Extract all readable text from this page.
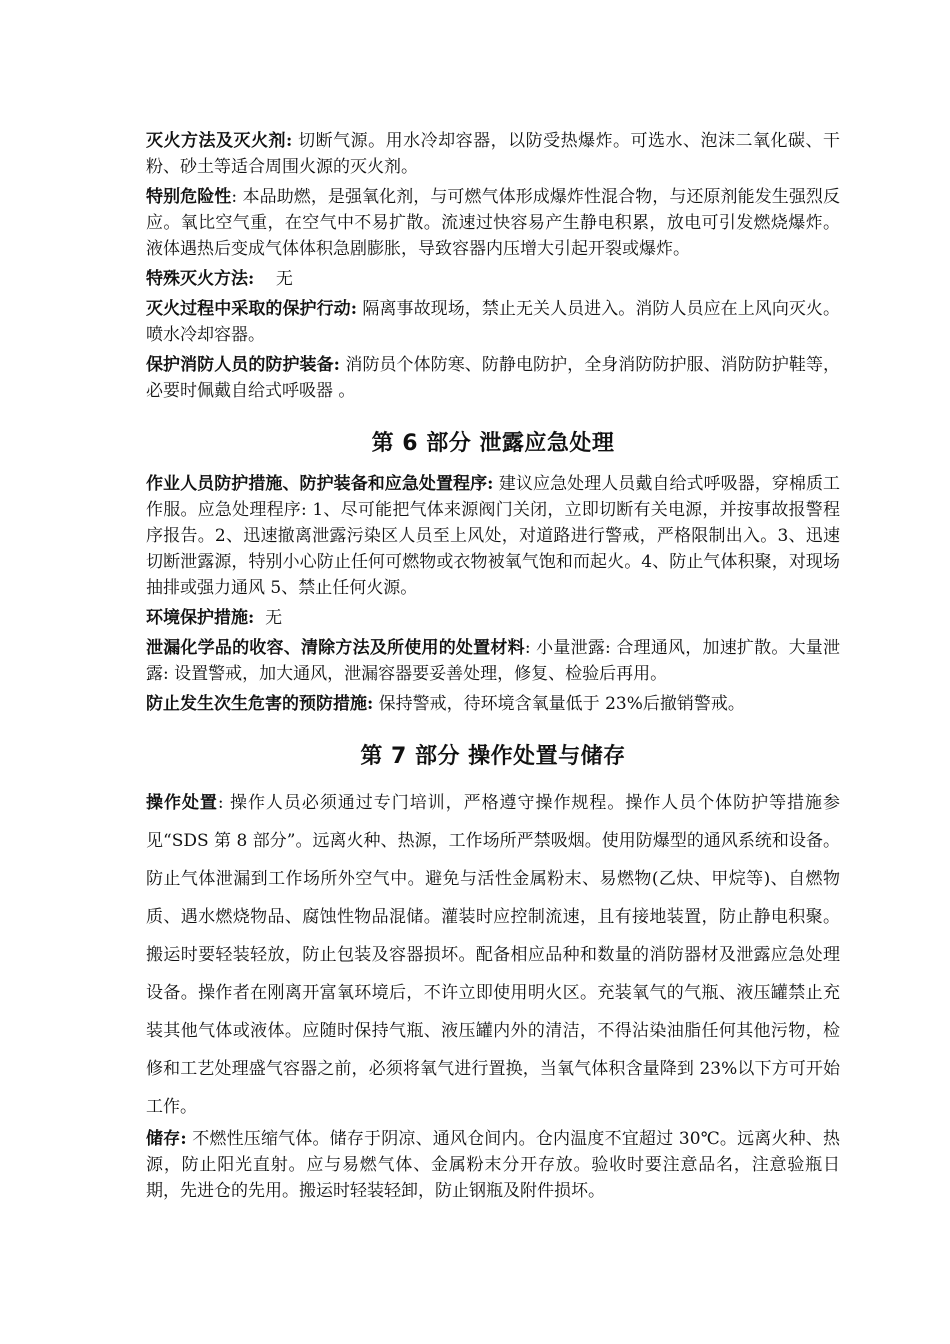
灭火方法及灭火剂: 切断气源。用水冷却容器，以防受热爆炸。可选水、泡沫二氧化碳、干粉、砂土等适合周围火源的灭火剂。

特别危险性: 本品助燃，是强氧化剂，与可燃气体形成爆炸性混合物，与还原剂能发生强烈反应。氧比空气重，在空气中不易扩散。流速过快容易产生静电积累，放电可引发燃烧爆炸。液体遇热后变成气体体积急剧膨胀，导致容器内压增大引起开裂或爆炸。

特殊灭火方法:    无

灭火过程中采取的保护行动: 隔离事故现场，禁止无关人员进入。消防人员应在上风向灭火。喷水冷却容器。

保护消防人员的防护装备: 消防员个体防寒、防静电防护，全身消防防护服、消防防护鞋等，必要时佩戴自给式呼吸器 。

第 6 部分 泄露应急处理

作业人员防护措施、防护装备和应急处置程序: 建议应急处理人员戴自给式呼吸器，穿棉质工作服。应急处理程序: 1、尽可能把气体来源阀门关闭，立即切断有关电源，并按事故报警程序报告。2、迅速撤离泄露污染区人员至上风处，对道路进行警戒，严格限制出入。3、迅速切断泄露源，特别小心防止任何可燃物或衣物被氧气饱和而起火。4、防止气体积聚，对现场抽排或强力通风 5、禁止任何火源。

环境保护措施:  无

泄漏化学品的收容、清除方法及所使用的处置材料: 小量泄露: 合理通风，加速扩散。大量泄露: 设置警戒，加大通风，泄漏容器要妥善处理，修复、检验后再用。

防止发生次生危害的预防措施: 保持警戒，待环境含氧量低于 23%后撤销警戒。

第 7 部分 操作处置与储存

操作处置: 操作人员必须通过专门培训，严格遵守操作规程。操作人员个体防护等措施参见“SDS 第 8 部分”。远离火种、热源，工作场所严禁吸烟。使用防爆型的通风系统和设备。防止气体泄漏到工作场所外空气中。避免与活性金属粉末、易燃物(乙炔、甲烷等)、自燃物质、遇水燃烧物品、腐蚀性物品混储。灌装时应控制流速，且有接地装置，防止静电积聚。搬运时要轻装轻放，防止包装及容器损坏。配备相应品种和数量的消防器材及泄露应急处理设备。操作者在刚离开富氧环境后，不许立即使用明火区。充装氧气的气瓶、液压罐禁止充装其他气体或液体。应随时保持气瓶、液压罐内外的清洁，不得沾染油脂任何其他污物，检修和工艺处理盛气容器之前，必须将氧气进行置换，当氧气体积含量降到 23%以下方可开始工作。

储存: 不燃性压缩气体。储存于阴凉、通风仓间内。仓内温度不宜超过 30℃。远离火种、热源，防止阳光直射。应与易燃气体、金属粉末分开存放。验收时要注意品名，注意验瓶日期，先进仓的先用。搬运时轻装轻卸，防止钢瓶及附件损坏。
